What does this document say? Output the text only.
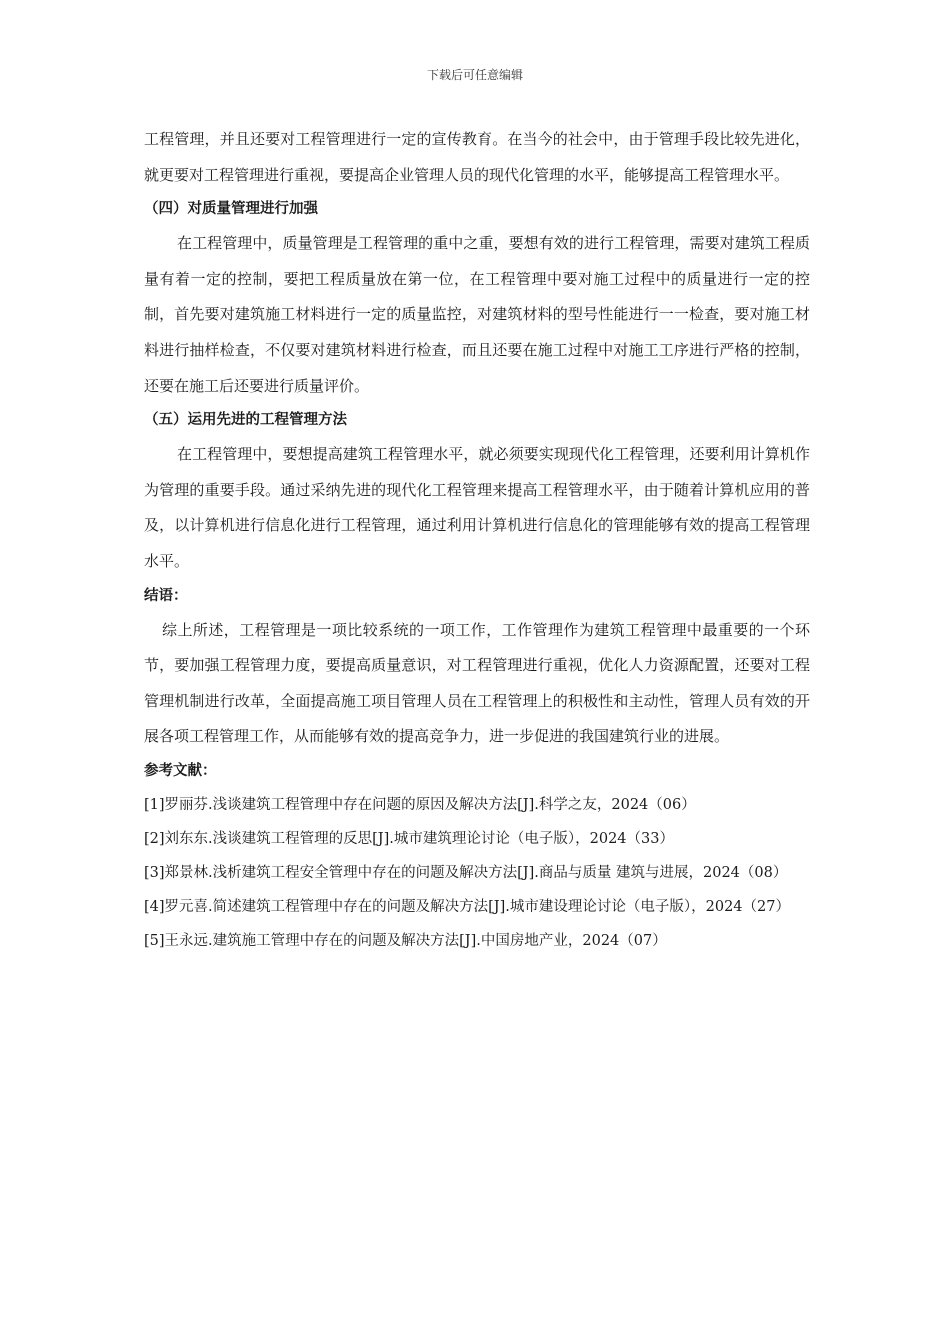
下载后可任意编辑

工程管理，并且还要对工程管理进行一定的宣传教育。在当今的社会中，由于管理手段比较先进化，就更要对工程管理进行重视，要提高企业管理人员的现代化管理的水平，能够提高工程管理水平。

（四）对质量管理进行加强

在工程管理中，质量管理是工程管理的重中之重，要想有效的进行工程管理，需要对建筑工程质量有着一定的控制，要把工程质量放在第一位，在工程管理中要对施工过程中的质量进行一定的控制，首先要对建筑施工材料进行一定的质量监控，对建筑材料的型号性能进行一一检查，要对施工材料进行抽样检查，不仅要对建筑材料进行检查，而且还要在施工过程中对施工工序进行严格的控制，还要在施工后还要进行质量评价。

（五）运用先进的工程管理方法

在工程管理中，要想提高建筑工程管理水平，就必须要实现现代化工程管理，还要利用计算机作为管理的重要手段。通过采纳先进的现代化工程管理来提高工程管理水平，由于随着计算机应用的普及，以计算机进行信息化进行工程管理，通过利用计算机进行信息化的管理能够有效的提高工程管理水平。

结语：

综上所述，工程管理是一项比较系统的一项工作，工作管理作为建筑工程管理中最重要的一个环节，要加强工程管理力度，要提高质量意识，对工程管理进行重视，优化人力资源配置，还要对工程管理机制进行改革，全面提高施工项目管理人员在工程管理上的积极性和主动性，管理人员有效的开展各项工程管理工作，从而能够有效的提高竞争力，进一步促进的我国建筑行业的进展。

参考文献：
[1]罗丽芬.浅谈建筑工程管理中存在问题的原因及解决方法[J].科学之友，2024（06）
[2]刘东东.浅谈建筑工程管理的反思[J].城市建筑理论讨论（电子版），2024（33）
[3]郑景林.浅析建筑工程安全管理中存在的问题及解决方法[J].商品与质量 建筑与进展，2024（08）
[4]罗元喜.简述建筑工程管理中存在的问题及解决方法[J].城市建设理论讨论（电子版），2024（27）
[5]王永远.建筑施工管理中存在的问题及解决方法[J].中国房地产业，2024（07）
